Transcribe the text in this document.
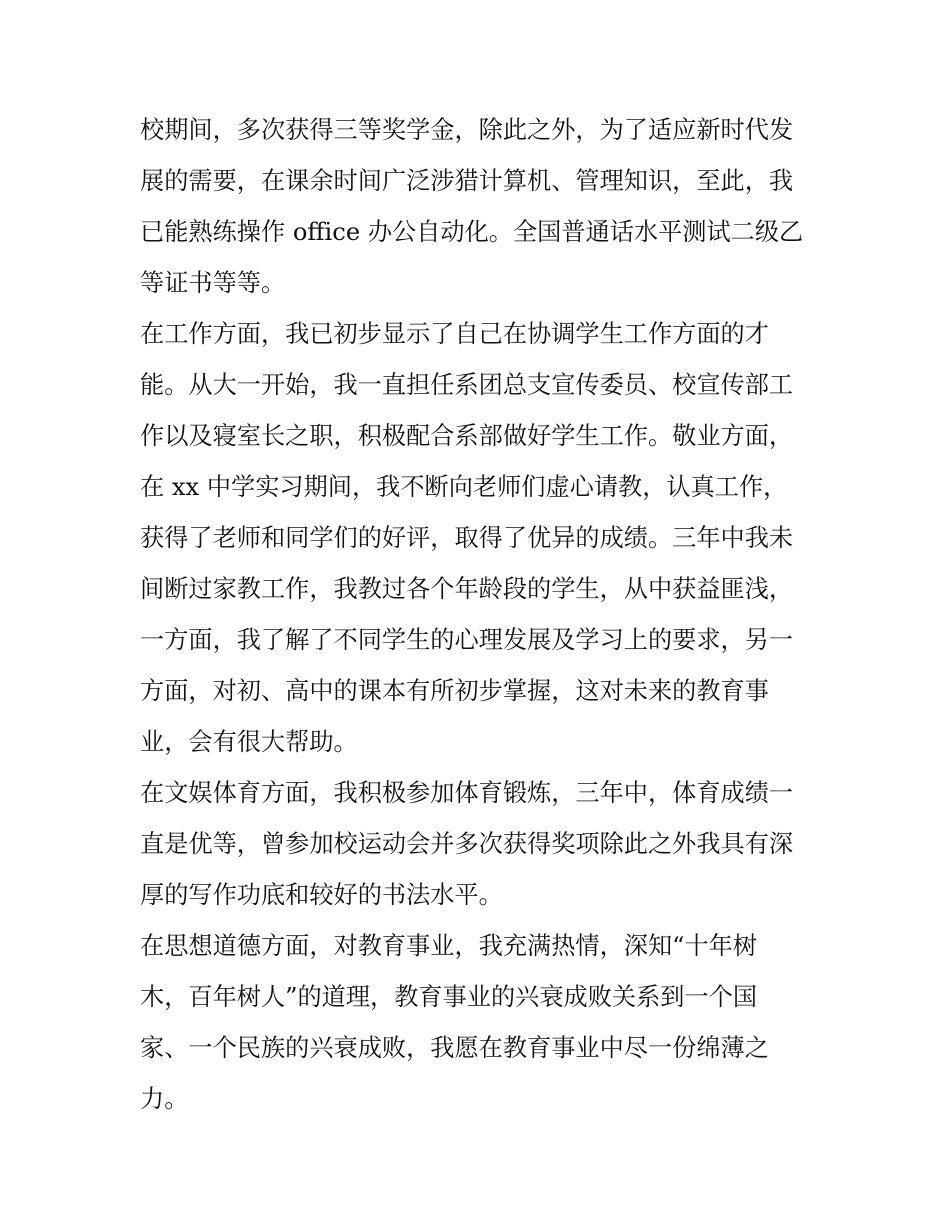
校期间，多次获得三等奖学金，除此之外，为了适应新时代发
展的需要，在课余时间广泛涉猎计算机、管理知识，至此，我
已能熟练操作 office 办公自动化。全国普通话水平测试二级乙
等证书等等。
在工作方面，我已初步显示了自己在协调学生工作方面的才
能。从大一开始，我一直担任系团总支宣传委员、校宣传部工
作以及寝室长之职，积极配合系部做好学生工作。敬业方面，
在 xx 中学实习期间，我不断向老师们虚心请教，认真工作，
获得了老师和同学们的好评，取得了优异的成绩。三年中我未
间断过家教工作，我教过各个年龄段的学生，从中获益匪浅，
一方面，我了解了不同学生的心理发展及学习上的要求，另一
方面，对初、高中的课本有所初步掌握，这对未来的教育事
业，会有很大帮助。
在文娱体育方面，我积极参加体育锻炼，三年中，体育成绩一
直是优等，曾参加校运动会并多次获得奖项除此之外我具有深
厚的写作功底和较好的书法水平。
在思想道德方面，对教育事业，我充满热情，深知“十年树
木，百年树人”的道理，教育事业的兴衰成败关系到一个国
家、一个民族的兴衰成败，我愿在教育事业中尽一份绵薄之
力。
